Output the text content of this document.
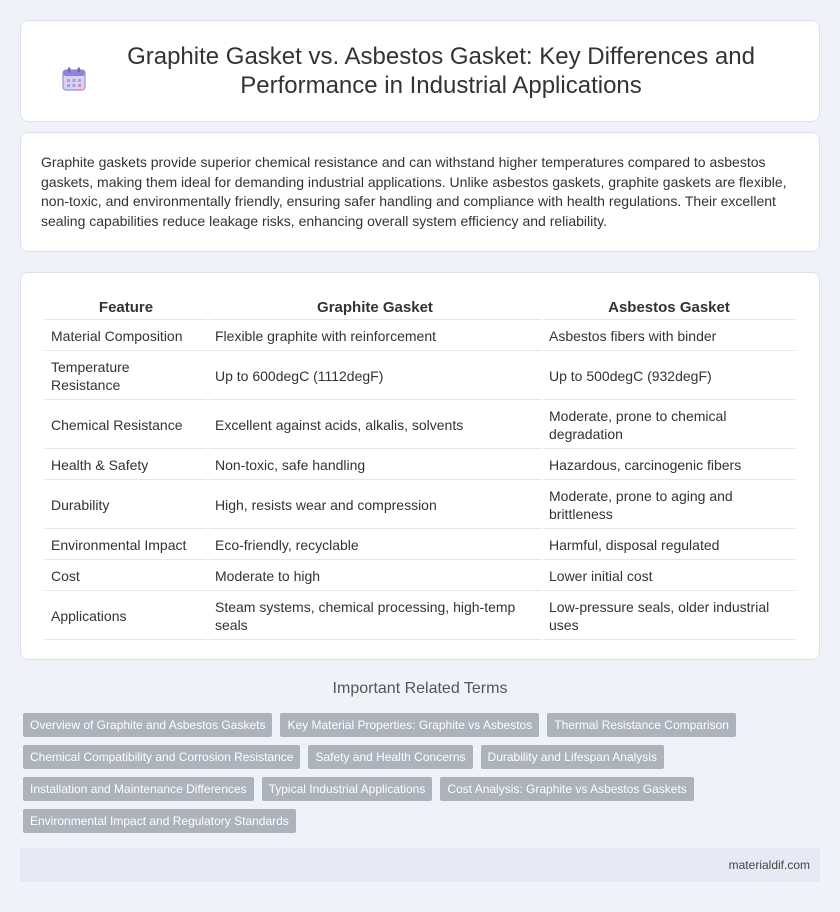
Graphite Gasket vs. Asbestos Gasket: Key Differences and Performance in Industrial Applications

Graphite gaskets provide superior chemical resistance and can withstand higher temperatures compared to asbestos gaskets, making them ideal for demanding industrial applications. Unlike asbestos gaskets, graphite gaskets are flexible, non-toxic, and environmentally friendly, ensuring safer handling and compliance with health regulations. Their excellent sealing capabilities reduce leakage risks, enhancing overall system efficiency and reliability.

Feature	Graphite Gasket	Asbestos Gasket
Material Composition	Flexible graphite with reinforcement	Asbestos fibers with binder
Temperature Resistance	Up to 600degC (1112degF)	Up to 500degC (932degF)
Chemical Resistance	Excellent against acids, alkalis, solvents	Moderate, prone to chemical degradation
Health & Safety	Non-toxic, safe handling	Hazardous, carcinogenic fibers
Durability	High, resists wear and compression	Moderate, prone to aging and brittleness
Environmental Impact	Eco-friendly, recyclable	Harmful, disposal regulated
Cost	Moderate to high	Lower initial cost
Applications	Steam systems, chemical processing, high-temp seals	Low-pressure seals, older industrial uses
Important Related Terms
Overview of Graphite and Asbestos Gaskets	Key Material Properties: Graphite vs Asbestos	Thermal Resistance Comparison
Chemical Compatibility and Corrosion Resistance	Safety and Health Concerns	Durability and Lifespan Analysis
Installation and Maintenance Differences	Typical Industrial Applications	Cost Analysis: Graphite vs Asbestos Gaskets
Environmental Impact and Regulatory Standards
materialdif.com
